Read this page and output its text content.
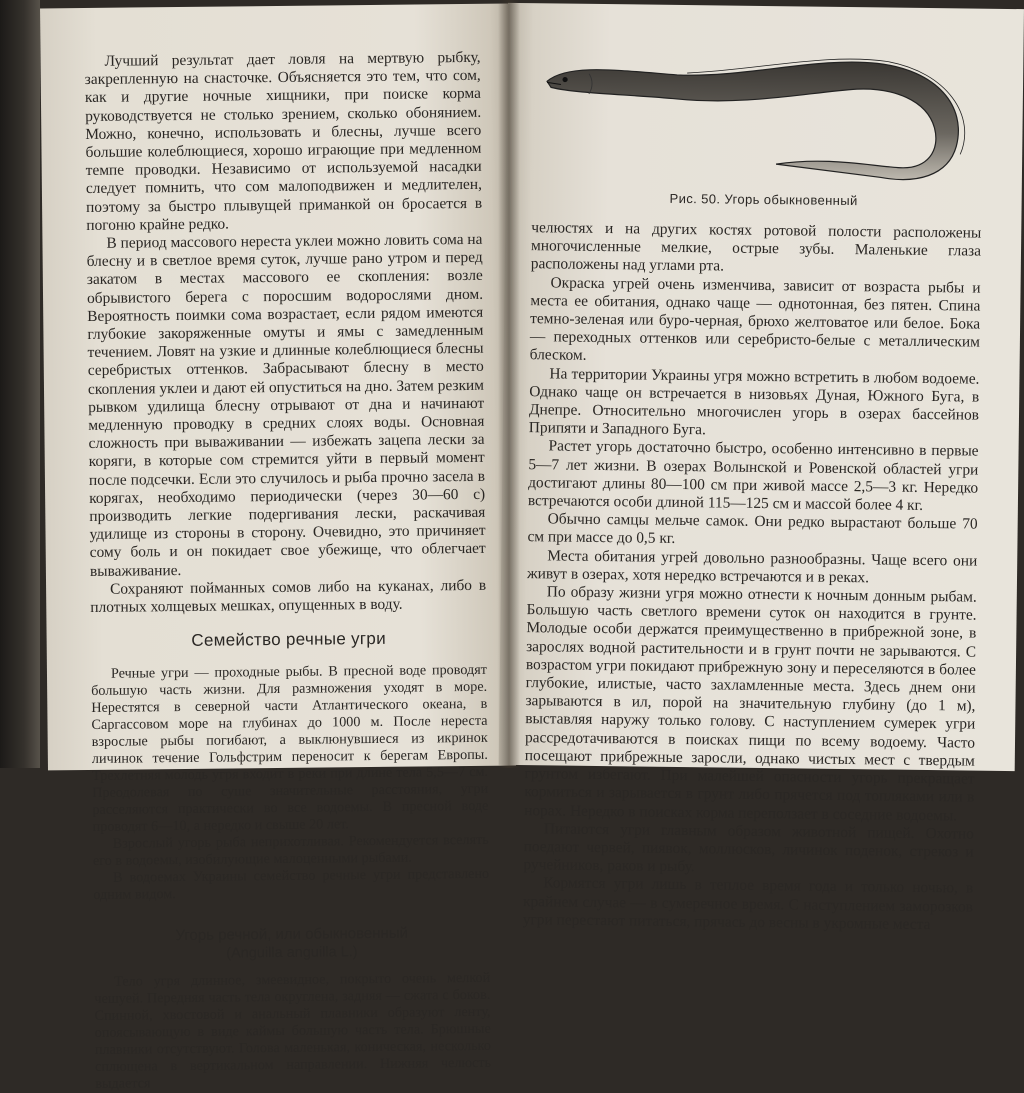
Лучший результат дает ловля на мертвую рыбку, закрепленную на снасточке. Объясняется это тем, что сом, как и другие ночные хищники, при поиске корма руководствуется не столько зрением, сколько обонянием. Можно, конечно, использовать и блесны, лучше всего большие колеблющиеся, хорошо играющие при медленном темпе проводки. Независимо от используемой насадки следует помнить, что сом малоподвижен и медлителен, поэтому за быстро плывущей приманкой он бросается в погоню крайне редко.

В период массового нереста уклеи можно ловить сома на блесну и в светлое время суток, лучше рано утром и перед закатом в местах массового ее скопления: возле обрывистого берега с поросшим водорослями дном. Вероятность поимки сома возрастает, если рядом имеются глубокие закоряженные омуты и ямы с замедленным течением. Ловят на узкие и длинные колеблющиеся блесны серебристых оттенков. Забрасывают блесну в место скопления уклеи и дают ей опуститься на дно. Затем резким рывком удилища блесну отрывают от дна и начинают медленную проводку в средних слоях воды. Основная сложность при вываживании — избежать зацепа лески за коряги, в которые сом стремится уйти в первый момент после подсечки. Если это случилось и рыба прочно засела в корягах, необходимо периодически (через 30—60 с) производить легкие подергивания лески, раскачивая удилище из стороны в сторону. Очевидно, это причиняет сому боль и он покидает свое убежище, что облегчает вываживание.

Сохраняют пойманных сомов либо на куканах, либо в плотных холщевых мешках, опущенных в воду.

Семейство речные угри

Речные угри — проходные рыбы. В пресной воде проводят большую часть жизни. Для размножения уходят в море. Нерестятся в северной части Атлантического океана, в Саргассовом море на глубинах до 1000 м. После нереста взрослые рыбы погибают, а выклюнувшиеся из икринок личинок течение Гольфстрим переносит к берегам Европы. Трехлетняя молодь угря входит в реки при длине тела 5,5—7 см. Преодолевая по суше значительные расстояния, угри расселяются практически во все водоемы. В пресной воде проводят 6—10, а нередко и свыше 20 лет.

Взрослый угорь рыба неприхотливая. Рекомендуется вселять его в водоемы, изобилующие малоценными рыбами.

В водоемах Украины семейство речные угри представлено одним видом.

Угорь речной, или обыкновенный
(Anguilla anguilla L.)

Тело угря длинное, змеевидное, покрыто очень мелкой чешуей. Передняя часть тела округлена, задняя — сжата с боков. Спинной, хвостовой и анальный плавники образуют ленту, опоясывающую в виде каймы большую часть тела. Брюшные плавники отсутствуют. Голова маленькая, коническая, несколько сплющена в вертикальном направлении. Нижняя челюсть выдается

Рис. 50. Угорь обыкновенный

челюстях и на других костях ротовой полости расположены многочисленные мелкие, острые зубы. Маленькие глаза расположены над углами рта.

Окраска угрей очень изменчива, зависит от возраста рыбы и места ее обитания, однако чаще — однотонная, без пятен. Спина темно-зеленая или буро-черная, брюхо желтоватое или белое. Бока — переходных оттенков или серебристо-белые с металлическим блеском.

На территории Украины угря можно встретить в любом водоеме. Однако чаще он встречается в низовьях Дуная, Южного Буга, в Днепре. Относительно многочислен угорь в озерах бассейнов Припяти и Западного Буга.

Растет угорь достаточно быстро, особенно интенсивно в первые 5—7 лет жизни. В озерах Волынской и Ровенской областей угри достигают длины 80—100 см при живой массе 2,5—3 кг. Нередко встречаются особи длиной 115—125 см и массой более 4 кг.

Обычно самцы мельче самок. Они редко вырастают больше 70 см при массе до 0,5 кг.

Места обитания угрей довольно разнообразны. Чаще всего они живут в озерах, хотя нередко встречаются и в реках.

По образу жизни угря можно отнести к ночным донным рыбам. Большую часть светлого времени суток он находится в грунте. Молодые особи держатся преимущественно в прибрежной зоне, в зарослях водной растительности и в грунт почти не зарываются. С возрастом угри покидают прибрежную зону и переселяются в более глубокие, илистые, часто захламленные места. Здесь днем они зарываются в ил, порой на значительную глубину (до 1 м), выставляя наружу только голову. С наступлением сумерек угри рассредотачиваются в поисках пищи по всему водоему. Часто посещают прибрежные заросли, однако чистых мест с твердым грунтом избегают. При малейшей опасности угорь прекращает кормиться и зарывается в грунт либо прячется под топляками или в норах. Нередко в поисках корма переползает в соседние водоемы.

Питаются угри главным образом животной пищей. Охотно поедают червей, пиявок, моллюсков, личинок поденок, стрекоз и ручейников, раков и рыбу.

Кормятся угри лишь в теплое время года и только ночью, в крайнем случае — в сумеречное время. С наступлением заморозков угри перестают питаться, прячась до весны в укромные места
